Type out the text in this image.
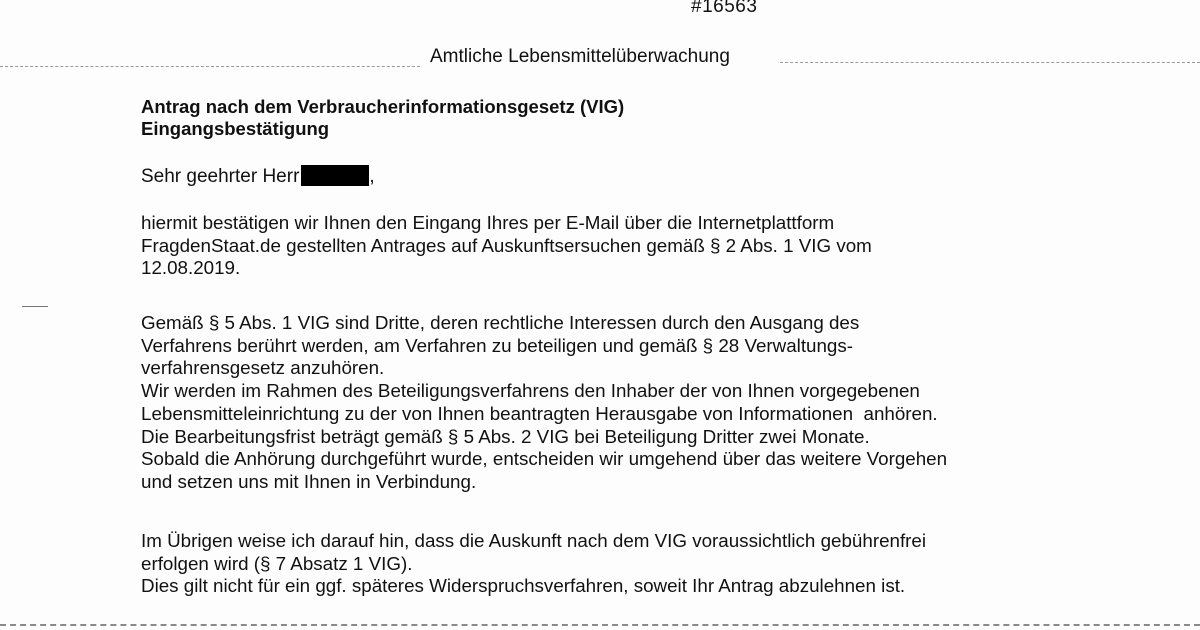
#16563
Amtliche Lebensmittelüberwachung
Antrag nach dem Verbraucherinformationsgesetz (VIG)
Eingangsbestätigung
Sehr geehrter Herr	,
hiermit bestätigen wir Ihnen den Eingang Ihres per E-Mail über die Internetplattform
FragdenStaat.de gestellten Antrages auf Auskunftsersuchen gemäß § 2 Abs. 1 VIG vom
12.08.2019.
Gemäß § 5 Abs. 1 VIG sind Dritte, deren rechtliche Interessen durch den Ausgang des
Verfahrens berührt werden, am Verfahren zu beteiligen und gemäß § 28 Verwaltungs-
verfahrensgesetz anzuhören.
Wir werden im Rahmen des Beteiligungsverfahrens den Inhaber der von Ihnen vorgegebenen
Lebensmitteleinrichtung zu der von Ihnen beantragten Herausgabe von Informationen  anhören.
Die Bearbeitungsfrist beträgt gemäß § 5 Abs. 2 VIG bei Beteiligung Dritter zwei Monate.
Sobald die Anhörung durchgeführt wurde, entscheiden wir umgehend über das weitere Vorgehen
und setzen uns mit Ihnen in Verbindung.
Im Übrigen weise ich darauf hin, dass die Auskunft nach dem VIG voraussichtlich gebührenfrei
erfolgen wird (§ 7 Absatz 1 VIG).
Dies gilt nicht für ein ggf. späteres Widerspruchsverfahren, soweit Ihr Antrag abzulehnen ist.
